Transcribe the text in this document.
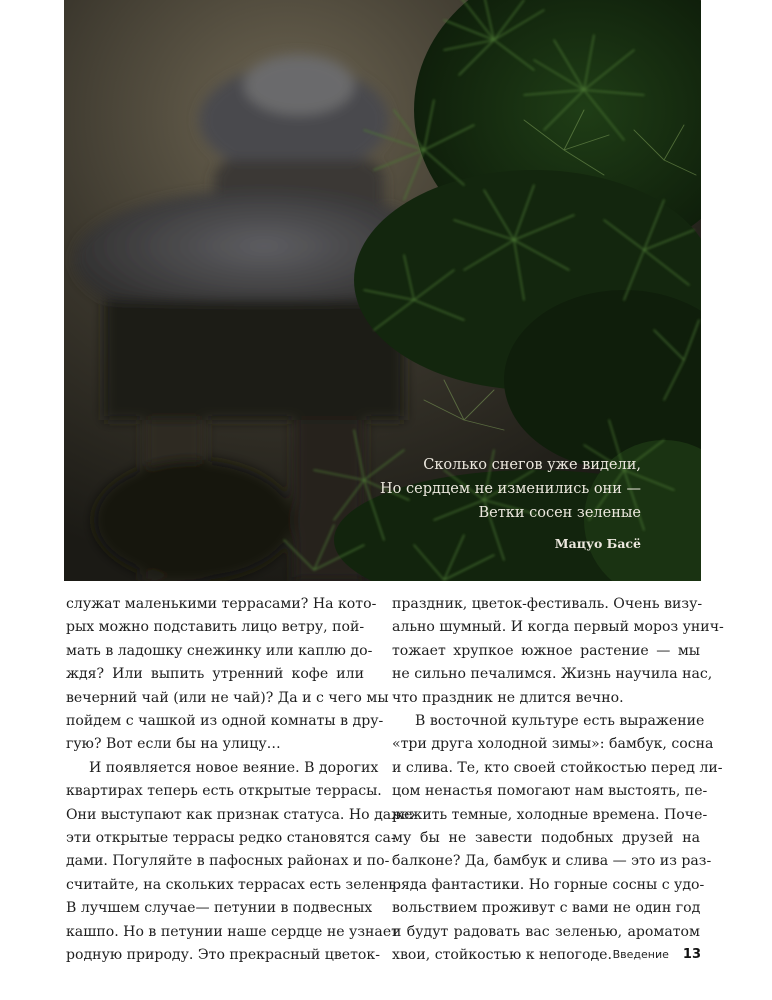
Сколько снегов уже видели,
Но сердцем не изменились они —
Ветки сосен зеленые
Мацуо Басё

служат маленькими террасами? На кото-
рых можно подставить лицо ветру, пой-
мать в ладошку снежинку или каплю до-
ждя? Или выпить утренний кофе или
вечерний чай (или не чай)? Да и с чего мы
пойдем с чашкой из одной комнаты в дру-
гую? Вот если бы на улицу…

И появляется новое веяние. В дорогих
квартирах теперь есть открытые террасы.
Они выступают как признак статуса. Но даже
эти открытые террасы редко становятся са-
дами. Погуляйте в пафосных районах и по-
считайте, на скольких террасах есть зелень.
В лучшем случае— петунии в подвесных
кашпо. Но в петунии наше сердце не узнает
родную природу. Это прекрасный цветок-

праздник, цветок-фестиваль. Очень визу-
ально шумный. И когда первый мороз унич-
тожает хрупкое южное растение — мы
не сильно печалимся. Жизнь научила нас,
что праздник не длится вечно.

В восточной культуре есть выражение
«три друга холодной зимы»: бамбук, сосна
и слива. Те, кто своей стойкостью перед ли-
цом ненастья помогают нам выстоять, пе-
режить темные, холодные времена. Поче-
му бы не завести подобных друзей на
балконе? Да, бамбук и слива — это из раз-
ряда фантастики. Но горные сосны с удо-
вольствием проживут с вами не один год
и будут радовать вас зеленью, ароматом
хвои, стойкостью к непогоде. Введение 13
